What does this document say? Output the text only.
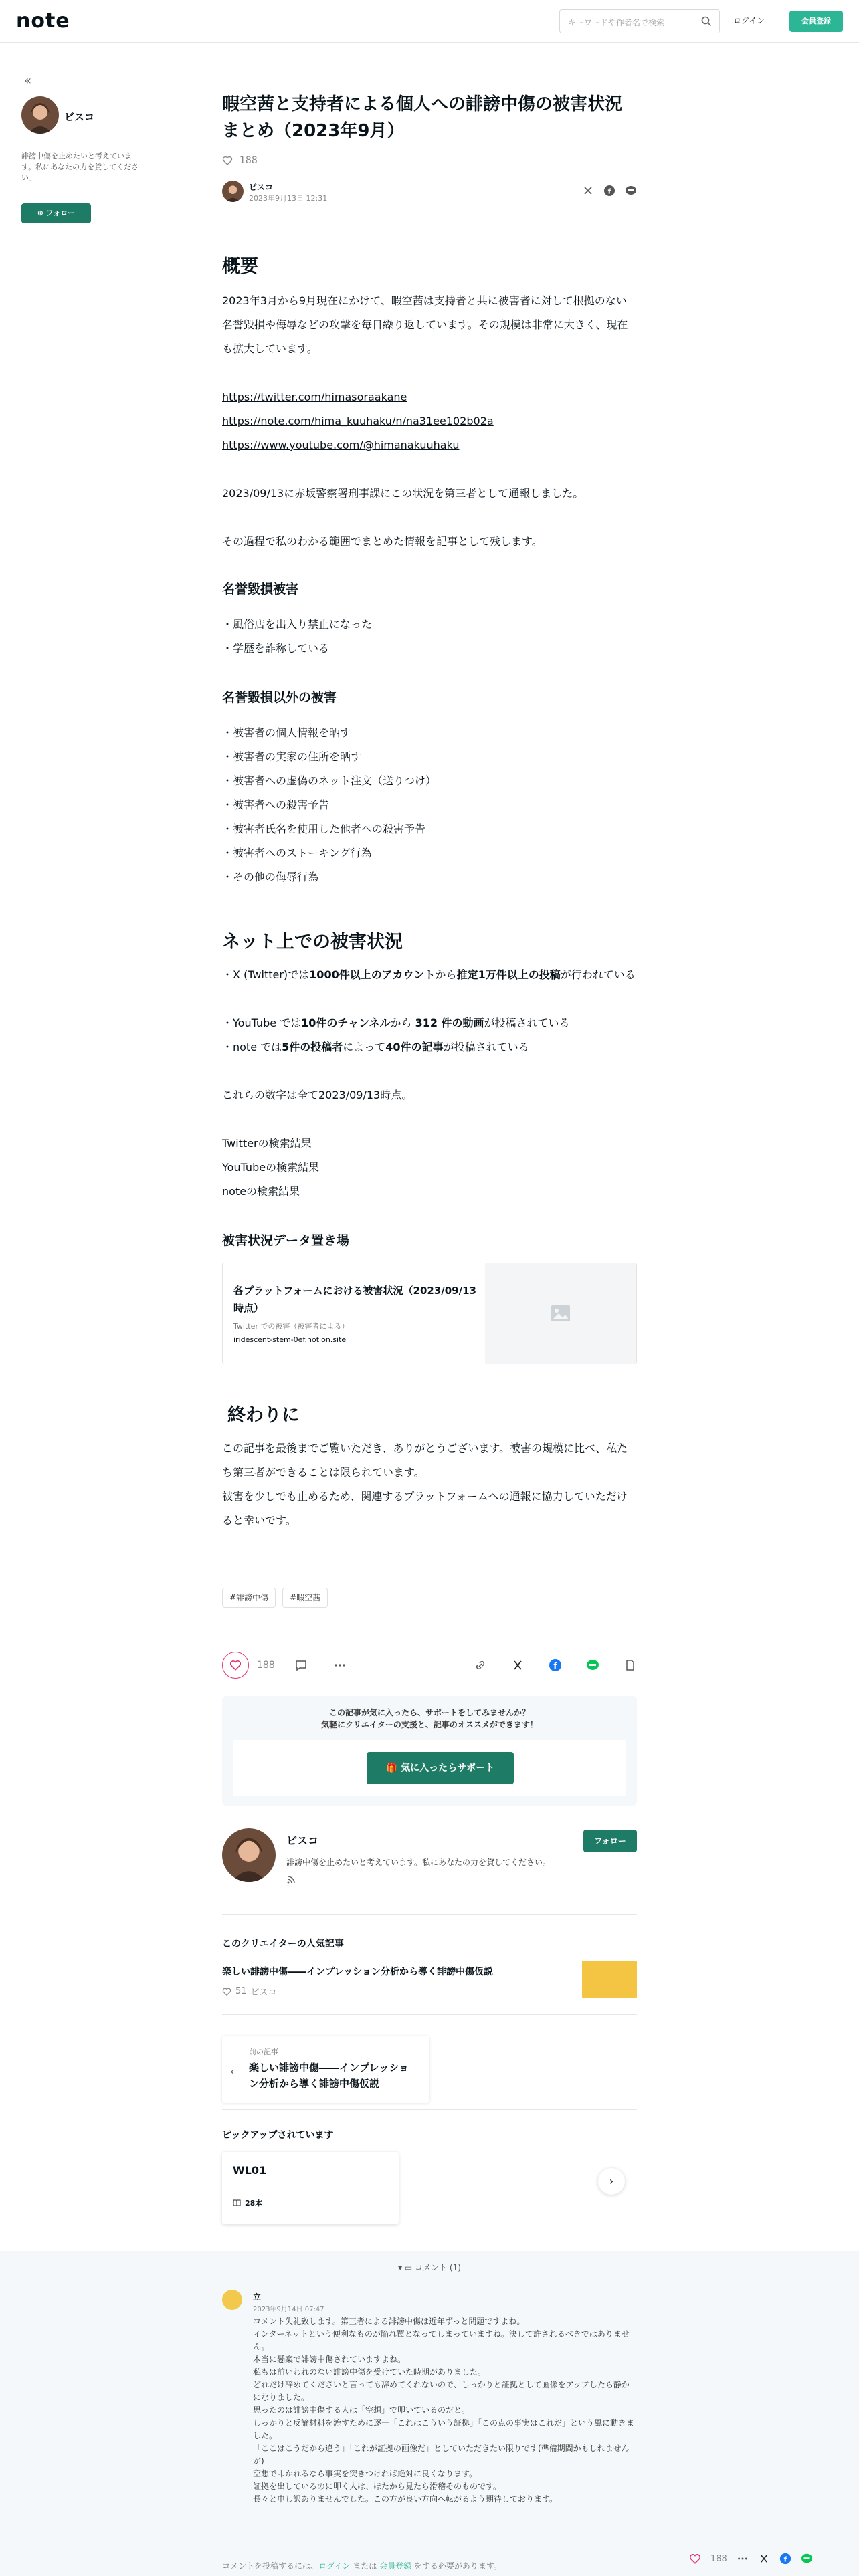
note	キーワードや作者名で検索	ログイン	会員登録
«
ビスコ
誹謗中傷を止めたいと考えています。私にあなたの力を貸してください。
⊕ フォロー
暇空茜と支持者による個人への誹謗中傷の被害状況まとめ（2023年9月）
188
ビスコ
2023年9月13日 12:31
f
概要

2023年3月から9月現在にかけて、暇空茜は支持者と共に被害者に対して根拠のない名誉毀損や侮辱などの攻撃を毎日繰り返しています。その規模は非常に大きく、現在も拡大しています。

https://twitter.com/himasoraakane

https://note.com/hima_kuuhaku/n/na31ee102b02a

https://www.youtube.com/@himanakuuhaku

2023/09/13に赤坂警察署刑事課にこの状況を第三者として通報しました。

その過程で私のわかる範囲でまとめた情報を記事として残します。

名誉毀損被害

・風俗店を出入り禁止になった

・学歴を詐称している

名誉毀損以外の被害

・被害者の個人情報を晒す

・被害者の実家の住所を晒す

・被害者への虚偽のネット注文（送りつけ）

・被害者への殺害予告

・被害者氏名を使用した他者への殺害予告

・被害者へのストーキング行為

・その他の侮辱行為

ネット上での被害状況

・X (Twitter)では1000件以上のアカウントから推定1万件以上の投稿が行われている

・YouTube では10件のチャンネルから 312 件の動画が投稿されている

・note では5件の投稿者によって40件の記事が投稿されている

これらの数字は全て2023/09/13時点。

Twitterの検索結果

YouTubeの検索結果

noteの検索結果

被害状況データ置き場
各プラットフォームにおける被害状況（2023/09/13時点）
Twitter での被害（被害者による）
iridescent-stem-0ef.notion.site
終わりに

この記事を最後までご覧いただき、ありがとうございます。被害の規模に比べ、私たち第三者ができることは限られています。

被害を少しでも止めるため、関連するプラットフォームへの通報に協力していただけると幸いです。

#誹謗中傷	#暇空茜
188	f
この記事が気に入ったら、サポートをしてみませんか？
気軽にクリエイターの支援と、記事のオススメができます！
🎁 気に入ったらサポート
ビスコ
誹謗中傷を止めたいと考えています。私にあなたの力を貸してください。
フォロー
このクリエイターの人気記事
楽しい誹謗中傷――インプレッション分析から導く誹謗中傷仮説
51 ビスコ
‹
前の記事
楽しい誹謗中傷――インプレッション分析から導く誹謗中傷仮説
ピックアップされています
WL01
28本
›
▾ ▭ コメント (1)
立
2023年9月14日 07:47
コメント失礼致します。第三者による誹謗中傷は近年ずっと問題ですよね。
インターネットという便利なものが陥れ罠となってしまっていますね。決して許されるべきではありません。
本当に懸案で誹謗中傷されていますよね。
私もは前いわれのない誹謗中傷を受けていた時期がありました。
どれだけ辞めてくださいと言っても辞めてくれないので、しっかりと証拠として画像をアップしたら静かになりました。
思ったのは誹謗中傷する人は「空想」で叩いているのだと。
しっかりと反論材料を漉すために逐一「これはこういう証拠」「この点の事実はこれだ」という風に動きました。
「ここはこうだから違う」「これが証拠の画像だ」としていただきたい限りです(準備期間かもしれませんが)
空想で叩かれるなら事実を突きつければ絶対に良くなります。
証拠を出しているのに叩く人は、ほたから見たら滑稽そのものです。
長々と申し訳ありませんでした。この方が良い方向へ転がるよう期待しております。
コメントを投稿するには、ログイン または 会員登録 をする必要があります。
188	f
